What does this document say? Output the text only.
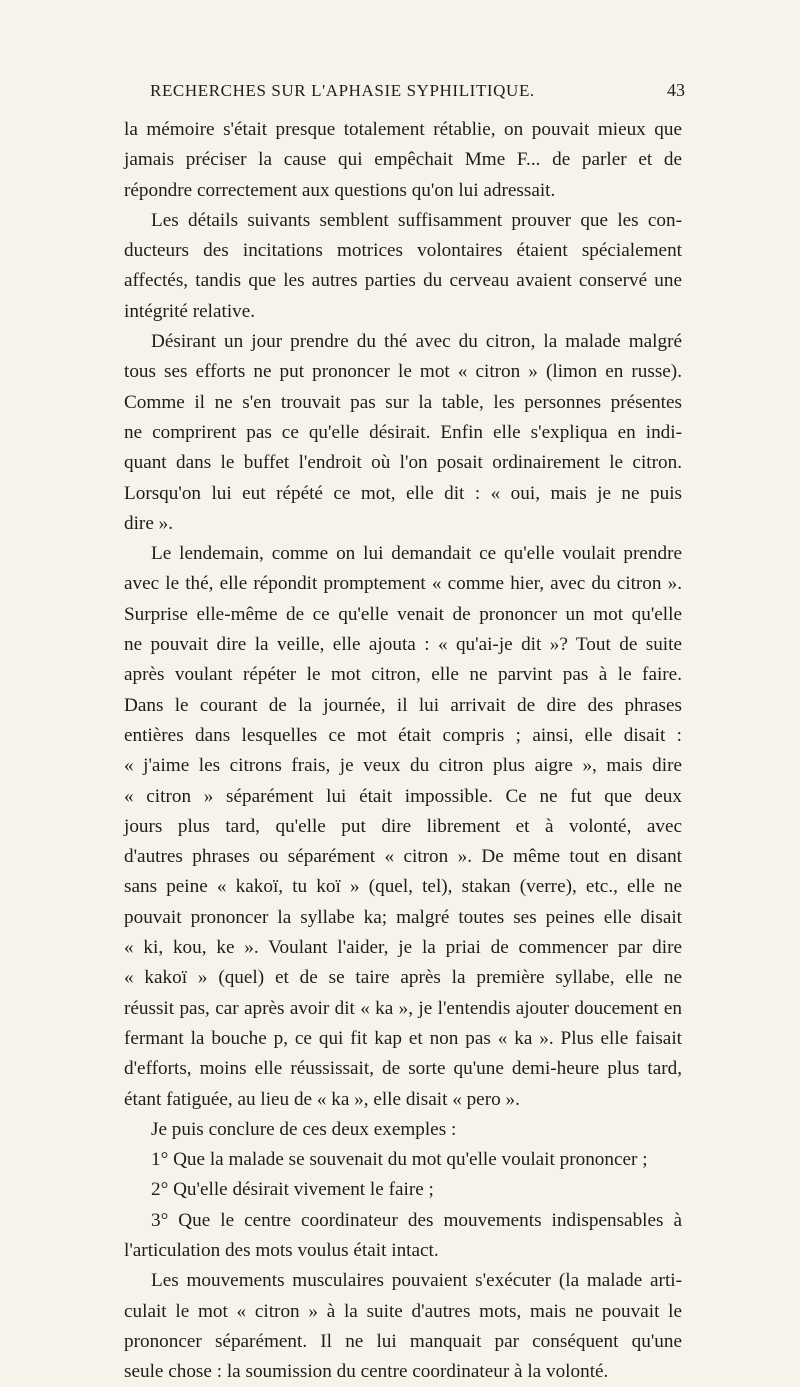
RECHERCHES SUR L'APHASIE SYPHILITIQUE.	43
la mémoire s'était presque totalement rétablie, on pouvait mieux que
jamais préciser la cause qui empêchait Mme F... de parler et de
répondre correctement aux questions qu'on lui adressait.
Les détails suivants semblent suffisamment prouver que les con-
ducteurs des incitations motrices volontaires étaient spécialement
affectés, tandis que les autres parties du cerveau avaient conservé une
intégrité relative.
Désirant un jour prendre du thé avec du citron, la malade malgré
tous ses efforts ne put prononcer le mot « citron » (limon en russe).
Comme il ne s'en trouvait pas sur la table, les personnes présentes
ne comprirent pas ce qu'elle désirait. Enfin elle s'expliqua en indi-
quant dans le buffet l'endroit où l'on posait ordinairement le citron.
Lorsqu'on lui eut répété ce mot, elle dit : « oui, mais je ne puis
dire ».
Le lendemain, comme on lui demandait ce qu'elle voulait prendre
avec le thé, elle répondit promptement « comme hier, avec du citron ».
Surprise elle-même de ce qu'elle venait de prononcer un mot qu'elle
ne pouvait dire la veille, elle ajouta : « qu'ai-je dit »? Tout de suite
après voulant répéter le mot citron, elle ne parvint pas à le faire.
Dans le courant de la journée, il lui arrivait de dire des phrases
entières dans lesquelles ce mot était compris ; ainsi, elle disait :
« j'aime les citrons frais, je veux du citron plus aigre », mais dire
« citron » séparément lui était impossible. Ce ne fut que deux
jours plus tard, qu'elle put dire librement et à volonté, avec
d'autres phrases ou séparément « citron ». De même tout en disant
sans peine « kakoï, tu koï » (quel, tel), stakan (verre), etc., elle ne
pouvait prononcer la syllabe ka; malgré toutes ses peines elle disait
« ki, kou, ke ». Voulant l'aider, je la priai de commencer par dire
« kakoï » (quel) et de se taire après la première syllabe, elle ne
réussit pas, car après avoir dit « ka », je l'entendis ajouter doucement en
fermant la bouche p, ce qui fit kap et non pas « ka ». Plus elle faisait
d'efforts, moins elle réussissait, de sorte qu'une demi-heure plus tard,
étant fatiguée, au lieu de « ka », elle disait « pero ».
Je puis conclure de ces deux exemples :
1° Que la malade se souvenait du mot qu'elle voulait prononcer ;
2° Qu'elle désirait vivement le faire ;
3° Que le centre coordinateur des mouvements indispensables à
l'articulation des mots voulus était intact.
Les mouvements musculaires pouvaient s'exécuter (la malade arti-
culait le mot « citron » à la suite d'autres mots, mais ne pouvait le
prononcer séparément. Il ne lui manquait par conséquent qu'une
seule chose : la soumission du centre coordinateur à la volonté.
